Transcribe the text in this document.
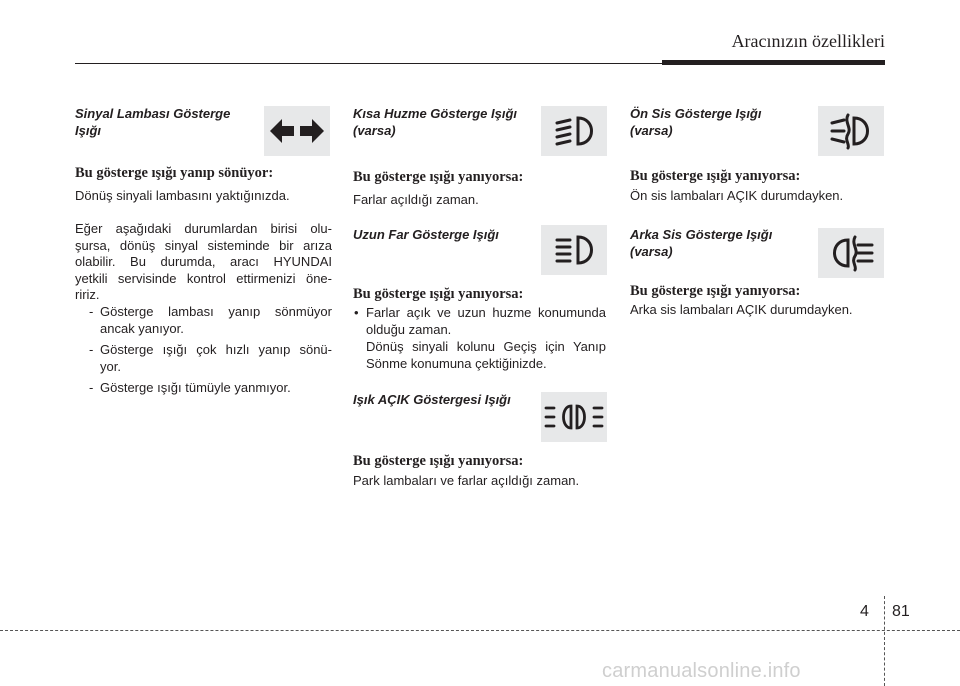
Aracınızın özellikleri
Sinyal Lambası Gösterge
Işığı
Bu gösterge ışığı yanıp sönüyor:
Dönüş sinyali lambasını yaktığınızda.
Eğer aşağıdaki durumlardan birisi olu-
şursa, dönüş sinyal sisteminde bir arıza
olabilir. Bu durumda, aracı HYUNDAI
yetkili servisinde kontrol ettirmenizi öne-
ririz.
- Gösterge lambası yanıp sönmüyor
ancak yanıyor.
- Gösterge ışığı çok hızlı yanıp sönü-
yor.
- Gösterge ışığı tümüyle yanmıyor.
Kısa Huzme Gösterge Işığı
(varsa)
Bu gösterge ışığı yanıyorsa:
Farlar açıldığı zaman.
Uzun Far Gösterge Işığı
Bu gösterge ışığı yanıyorsa:
• Farlar açık ve uzun huzme konumunda
olduğu zaman.
Dönüş sinyali kolunu Geçiş için Yanıp
Sönme konumuna çektiğinizde.
Işık AÇIK Göstergesi Işığı
Bu gösterge ışığı yanıyorsa:
Park lambaları ve farlar açıldığı zaman.
Ön Sis Gösterge Işığı
(varsa)
Bu gösterge ışığı yanıyorsa:
Ön sis lambaları AÇIK durumdayken.
Arka Sis Gösterge Işığı
(varsa)
Bu gösterge ışığı yanıyorsa:
Arka sis lambaları AÇIK durumdayken.
4 81
carmanualsonline.info
